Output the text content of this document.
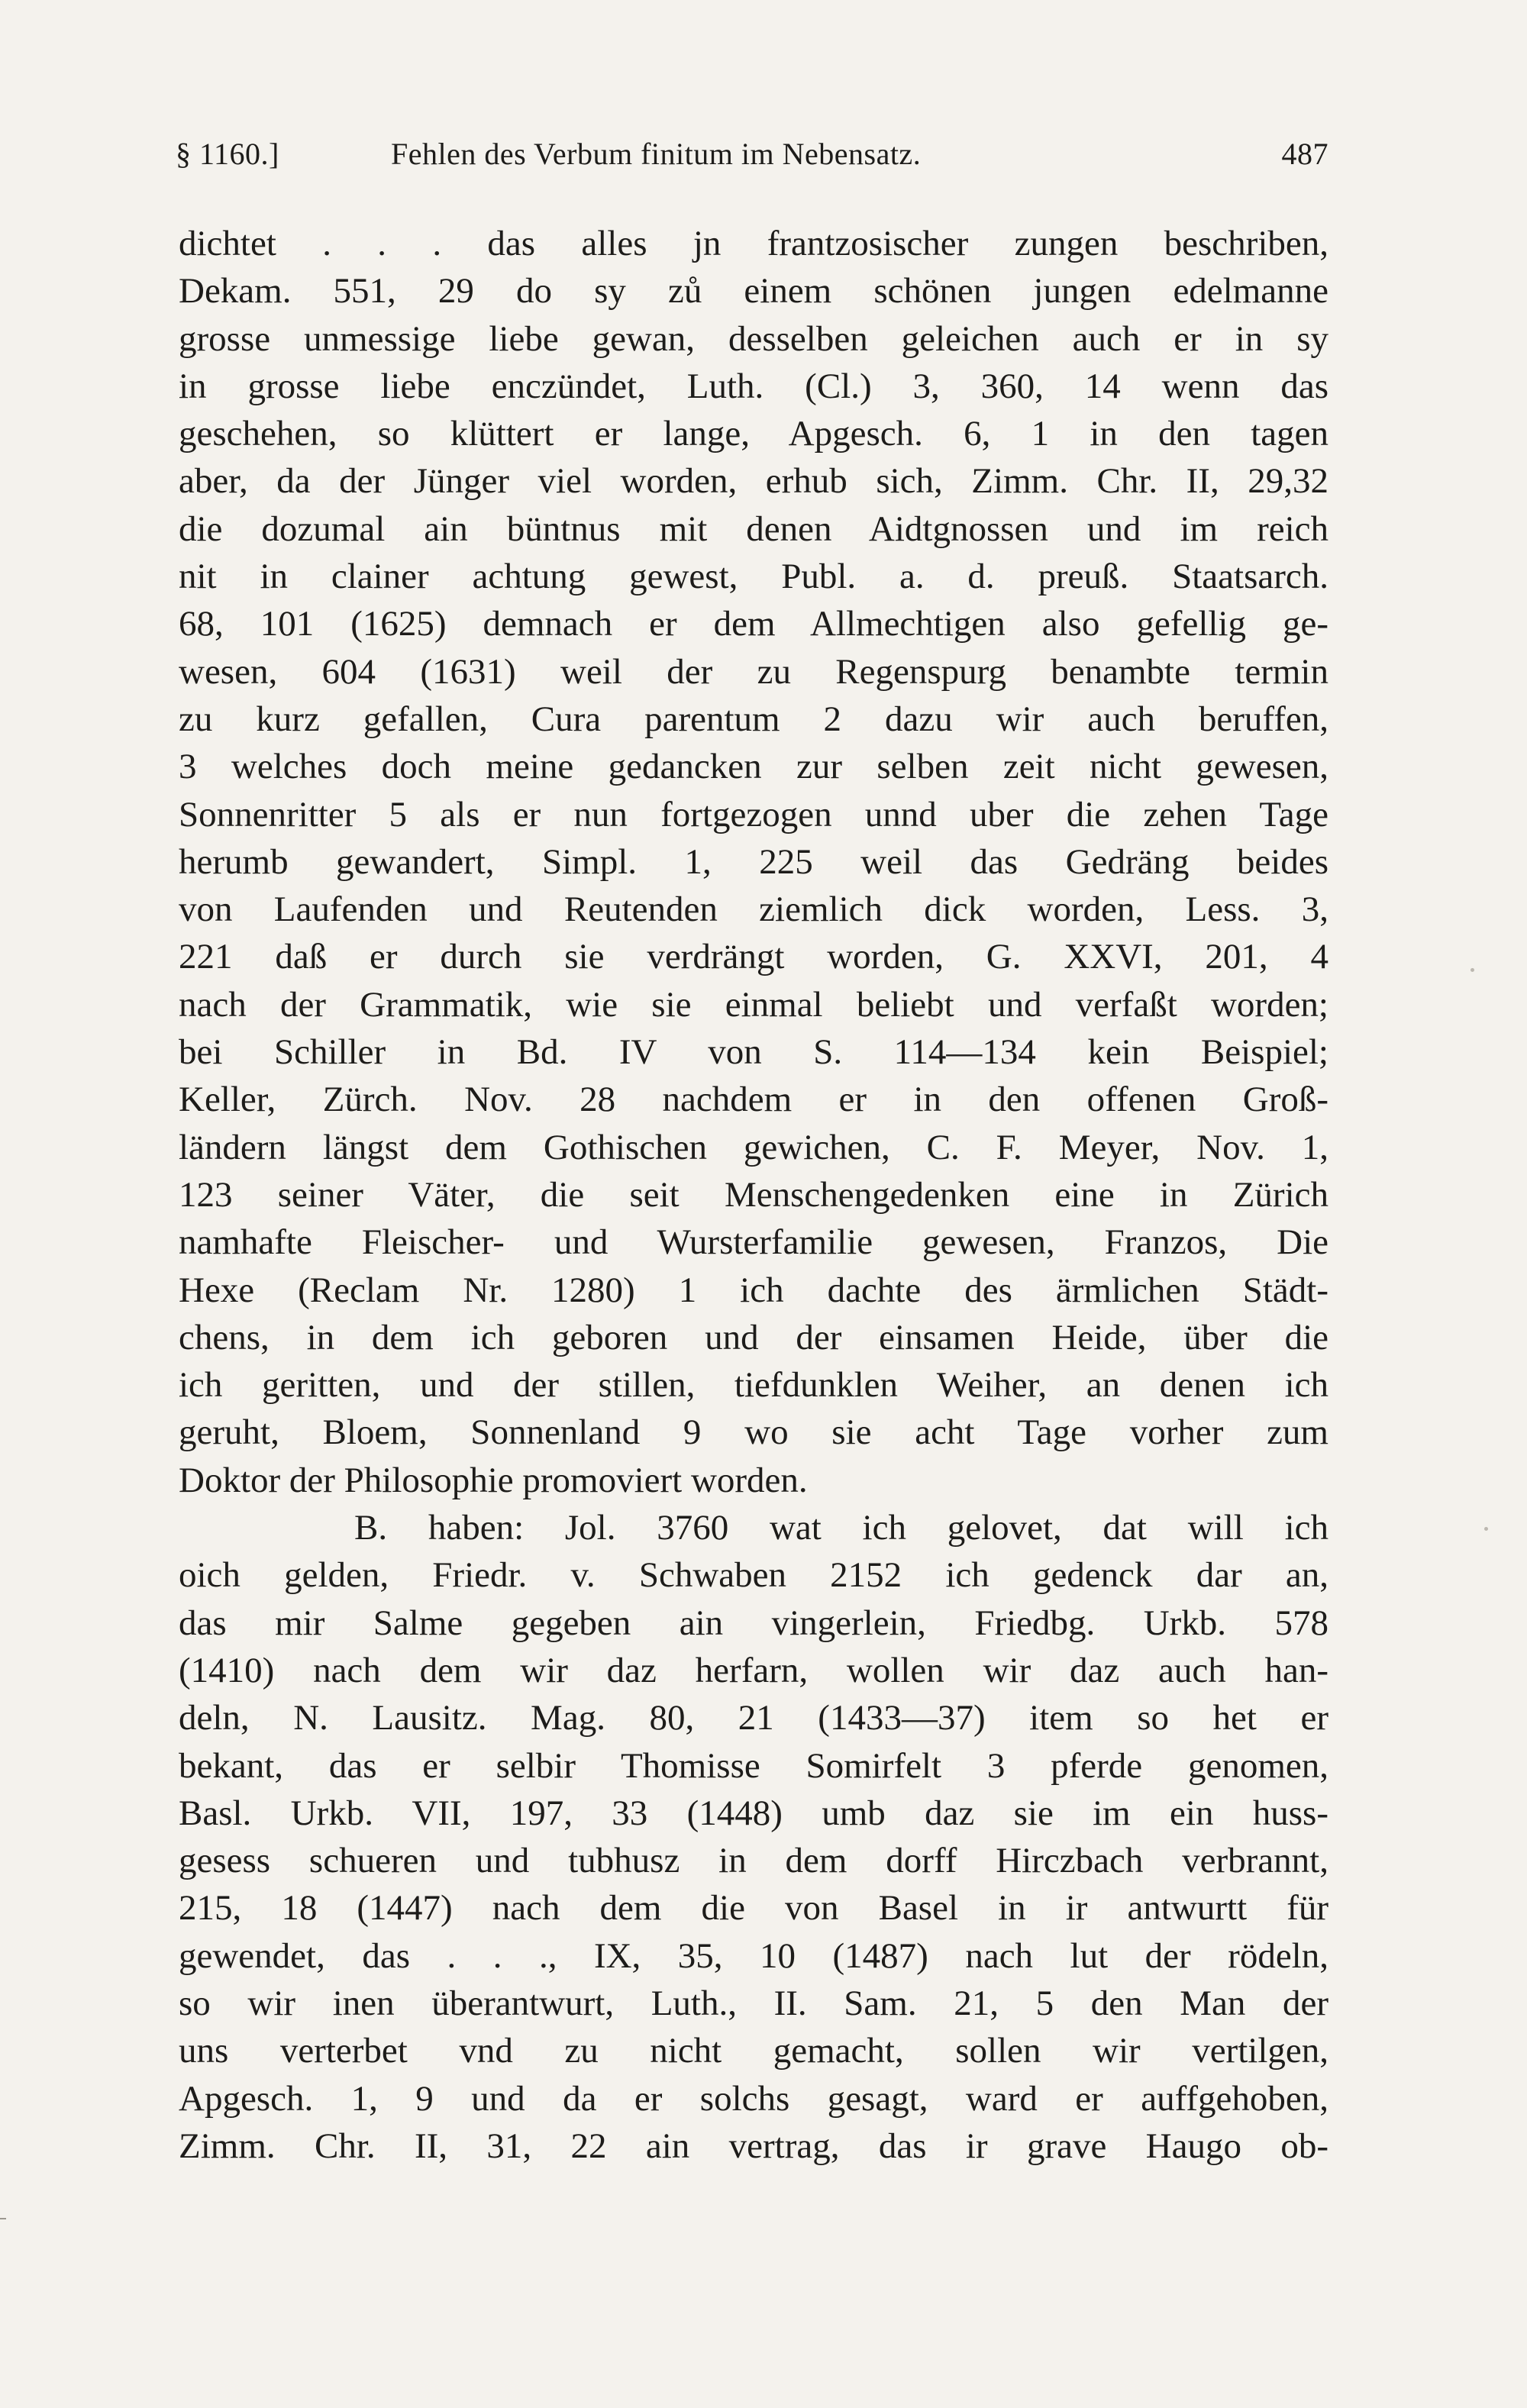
§ 1160.]	Fehlen des Verbum finitum im Nebensatz.	487
dichtet . . . das alles jn frantzosischer zungen beschriben,
Dekam. 551, 29 do sy zů einem schönen jungen edelmanne
grosse unmessige liebe gewan, desselben geleichen auch er in sy
in grosse liebe enczündet, Luth. (Cl.) 3, 360, 14 wenn das
geschehen, so klüttert er lange, Apgesch. 6, 1 in den tagen
aber, da der Jünger viel worden, erhub sich, Zimm. Chr. II, 29,32
die dozumal ain büntnus mit denen Aidtgnossen und im reich
nit in clainer achtung gewest, Publ. a. d. preuß. Staatsarch.
68, 101 (1625) demnach er dem Allmechtigen also gefellig ge-
wesen, 604 (1631) weil der zu Regenspurg benambte termin
zu kurz gefallen, Cura parentum 2 dazu wir auch beruffen,
3 welches doch meine gedancken zur selben zeit nicht gewesen,
Sonnenritter 5 als er nun fortgezogen unnd uber die zehen Tage
herumb gewandert, Simpl. 1, 225 weil das Gedräng beides
von Laufenden und Reutenden ziemlich dick worden, Less. 3,
221 daß er durch sie verdrängt worden, G. XXVI, 201, 4
nach der Grammatik, wie sie einmal beliebt und verfaßt worden;
bei Schiller in Bd. IV von S. 114—134 kein Beispiel;
Keller, Zürch. Nov. 28 nachdem er in den offenen Groß-
ländern längst dem Gothischen gewichen, C. F. Meyer, Nov. 1,
123 seiner Väter, die seit Menschengedenken eine in Zürich
namhafte Fleischer- und Wursterfamilie gewesen, Franzos, Die
Hexe (Reclam Nr. 1280) 1 ich dachte des ärmlichen Städt-
chens, in dem ich geboren und der einsamen Heide, über die
ich geritten, und der stillen, tiefdunklen Weiher, an denen ich
geruht, Bloem, Sonnenland 9 wo sie acht Tage vorher zum
Doktor der Philosophie promoviert worden.
B. haben: Jol. 3760 wat ich gelovet, dat will ich
oich gelden, Friedr. v. Schwaben 2152 ich gedenck dar an,
das mir Salme gegeben ain vingerlein, Friedbg. Urkb. 578
(1410) nach dem wir daz herfarn, wollen wir daz auch han-
deln, N. Lausitz. Mag. 80, 21 (1433—37) item so het er
bekant, das er selbir Thomisse Somirfelt 3 pferde genomen,
Basl. Urkb. VII, 197, 33 (1448) umb daz sie im ein huss-
gesess schueren und tubhusz in dem dorff Hirczbach verbrannt,
215, 18 (1447) nach dem die von Basel in ir antwurtt für
gewendet, das . . ., IX, 35, 10 (1487) nach lut der rödeln,
so wir inen überantwurt, Luth., II. Sam. 21, 5 den Man der
uns verterbet vnd zu nicht gemacht, sollen wir vertilgen,
Apgesch. 1, 9 und da er solchs gesagt, ward er auffgehoben,
Zimm. Chr. II, 31, 22 ain vertrag, das ir grave Haugo ob-
